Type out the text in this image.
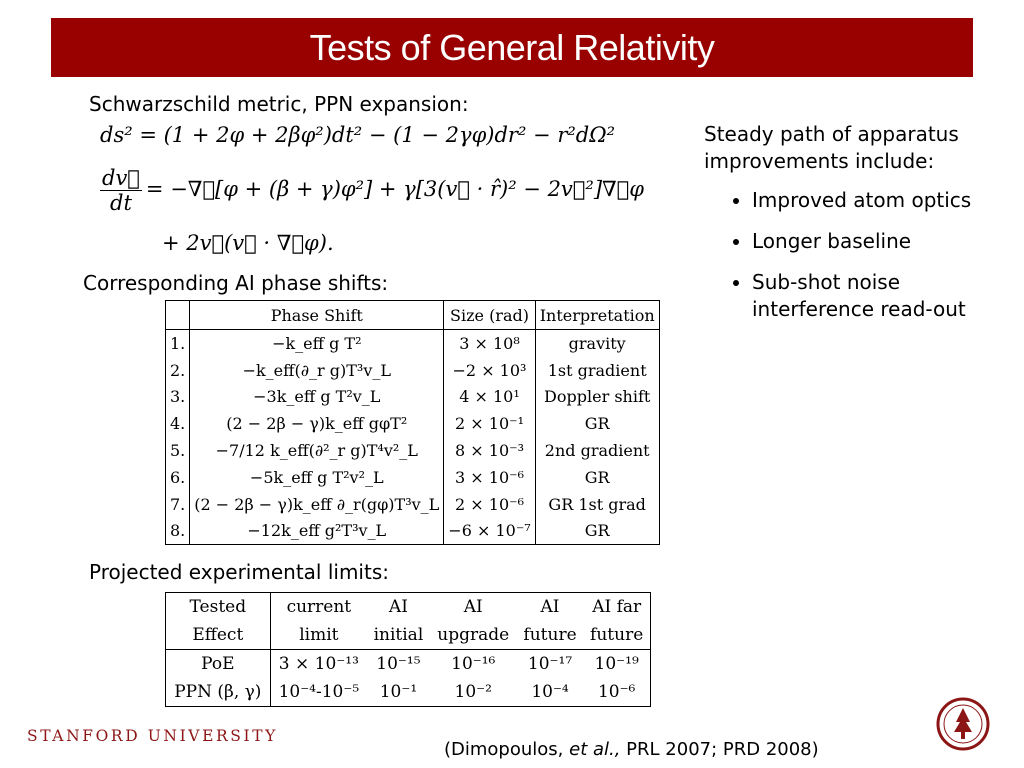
Tests of General Relativity
Schwarzschild metric, PPN expansion:
ds² = (1 + 2φ + 2βφ²)dt² − (1 − 2γφ)dr² − r²dΩ²
$\frac{dv⃗}{dt}$ = −∇⃗[φ + (β + γ)φ²] + γ[3(v⃗ · r̂)² − 2v⃗²]∇⃗φ
+ 2v⃗(v⃗ · ∇⃗φ).
Corresponding AI phase shifts:
	Phase Shift	Size (rad)	Interpretation
1.	−k_eff g T²	3 × 10⁸	gravity
2.	−k_eff(∂_r g)T³v_L	−2 × 10³	1st gradient
3.	−3k_eff g T²v_L	4 × 10¹	Doppler shift
4.	(2 − 2β − γ)k_eff gφT²	2 × 10⁻¹	GR
5.	−7/12 k_eff(∂²_r g)T⁴v²_L	8 × 10⁻³	2nd gradient
6.	−5k_eff g T²v²_L	3 × 10⁻⁶	GR
7.	(2 − 2β − γ)k_eff ∂_r(gφ)T³v_L	2 × 10⁻⁶	GR 1st grad
8.	−12k_eff g²T³v_L	−6 × 10⁻⁷	GR
Projected experimental limits:
Tested	current	AI	AI	AI	AI far
Effect	limit	initial	upgrade	future	future
PoE	3 × 10⁻¹³	10⁻¹⁵	10⁻¹⁶	10⁻¹⁷	10⁻¹⁹
PPN (β, γ)	10⁻⁴-10⁻⁵	10⁻¹	10⁻²	10⁻⁴	10⁻⁶
Steady path of apparatus improvements include:
• Improved atom optics
• Longer baseline
• Sub-shot noise interference read-out
STANFORD UNIVERSITY
(Dimopoulos, et al., PRL 2007; PRD 2008)
